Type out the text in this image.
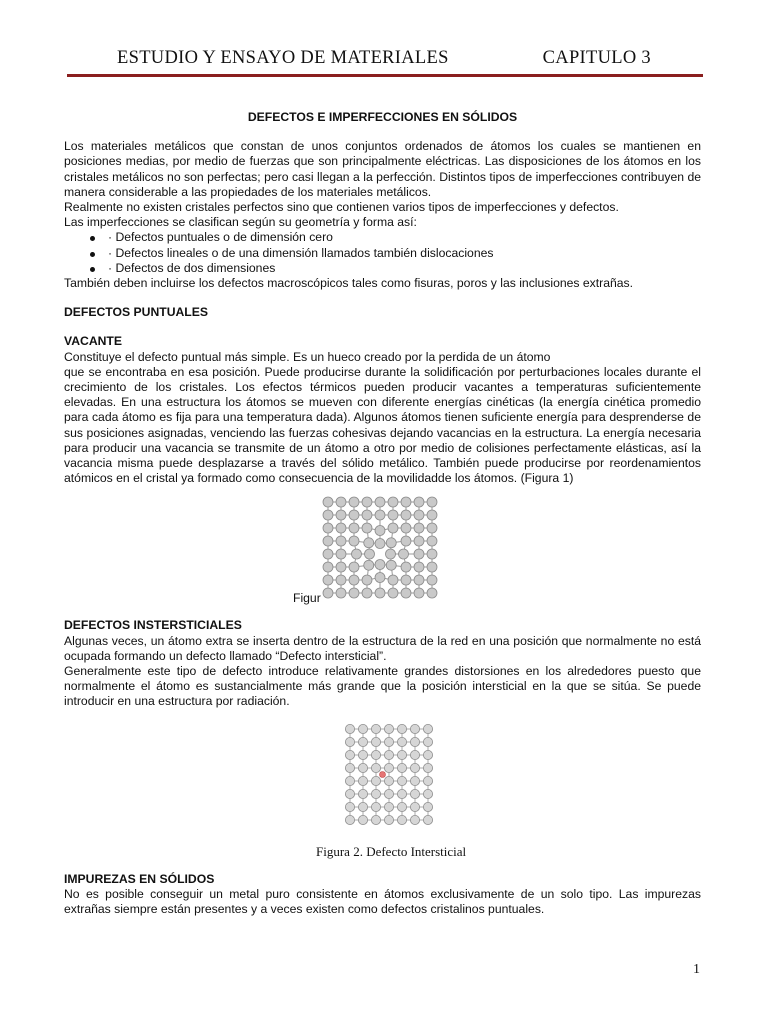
ESTUDIO Y ENSAYO DE MATERIALES	CAPITULO 3

DEFECTOS E IMPERFECCIONES EN SÓLIDOS

Los materiales metálicos que constan de unos conjuntos ordenados de átomos los cuales se mantienen en posiciones medias, por medio de fuerzas que son principalmente eléctricas. Las disposiciones de los átomos en los cristales metálicos no son perfectas; pero casi llegan a la perfección. Distintos tipos de imperfecciones contribuyen de manera considerable a las propiedades de los materiales metálicos.

Realmente no existen cristales perfectos sino que contienen varios tipos de imperfecciones y defectos.

Las imperfecciones se clasifican según su geometría y forma así:

· Defectos puntuales o de dimensión cero
· Defectos lineales o de una dimensión llamados también dislocaciones
· Defectos de dos dimensiones

También deben incluirse los defectos macroscópicos tales como fisuras, poros y las inclusiones extrañas.

DEFECTOS PUNTUALES

VACANTE

Constituye el defecto puntual más simple. Es un hueco creado por la perdida de un átomo

que se encontraba en esa posición. Puede producirse durante la solidificación por perturbaciones locales durante el crecimiento de los cristales. Los efectos térmicos pueden producir vacantes a temperaturas suficientemente elevadas. En una estructura los átomos se mueven con diferente energías cinéticas (la energía cinética promedio para cada átomo es fija para una temperatura dada). Algunos átomos tienen suficiente energía para desprenderse de sus posiciones asignadas, venciendo las fuerzas cohesivas dejando vacancias en la estructura. La energía necesaria para producir una vacancia se transmite de un átomo a otro por medio de colisiones perfectamente elásticas, así la vacancia misma puede desplazarse a través del sólido metálico. También puede producirse por reordenamientos atómicos en el cristal ya formado como consecuencia de la movilidadde los átomos. (Figura 1)

Figur

DEFECTOS INSTERSTICIALES

Algunas veces, un átomo extra se inserta dentro de la estructura de la red en una posición que normalmente no está ocupada formando un defecto llamado “Defecto intersticial”.

Generalmente este tipo de defecto introduce relativamente grandes distorsiones en los alrededores puesto que normalmente el átomo es sustancialmente más grande que la posición intersticial en la que se sitúa. Se puede introducir en una estructura por radiación.

Figura 2. Defecto Intersticial

IMPUREZAS EN SÓLIDOS

No es posible conseguir un metal puro consistente en átomos exclusivamente de un solo tipo. Las impurezas extrañas siempre están presentes y a veces existen como defectos cristalinos puntuales.

1
